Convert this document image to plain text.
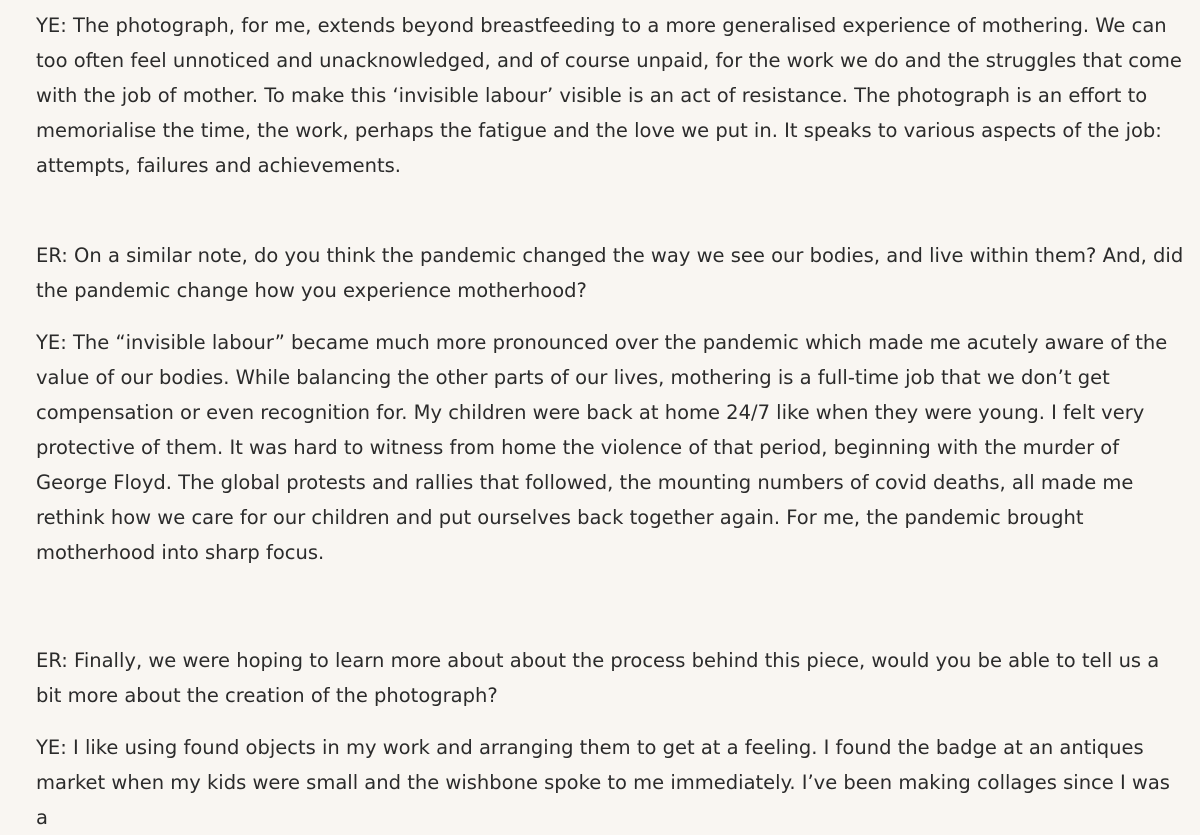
YE: The photograph, for me, extends beyond breastfeeding to a more generalised experience of mothering. We can too often feel unnoticed and unacknowledged, and of course unpaid, for the work we do and the struggles that come with the job of mother. To make this ‘invisible labour’ visible is an act of resistance. The photograph is an effort to memorialise the time, the work, perhaps the fatigue and the love we put in. It speaks to various aspects of the job: attempts, failures and achievements.

ER: On a similar note, do you think the pandemic changed the way we see our bodies, and live within them? And, did the pandemic change how you experience motherhood?

YE: The “invisible labour” became much more pronounced over the pandemic which made me acutely aware of the value of our bodies. While balancing the other parts of our lives, mothering is a full-time job that we don’t get compensation or even recognition for. My children were back at home 24/7 like when they were young. I felt very protective of them. It was hard to witness from home the violence of that period, beginning with the murder of George Floyd. The global protests and rallies that followed, the mounting numbers of covid deaths, all made me rethink how we care for our children and put ourselves back together again. For me, the pandemic brought motherhood into sharp focus.

ER: Finally, we were hoping to learn more about about the process behind this piece, would you be able to tell us a bit more about the creation of the photograph?

YE: I like using found objects in my work and arranging them to get at a feeling. I found the badge at an antiques market when my kids were small and the wishbone spoke to me immediately. I’ve been making collages since I was a
